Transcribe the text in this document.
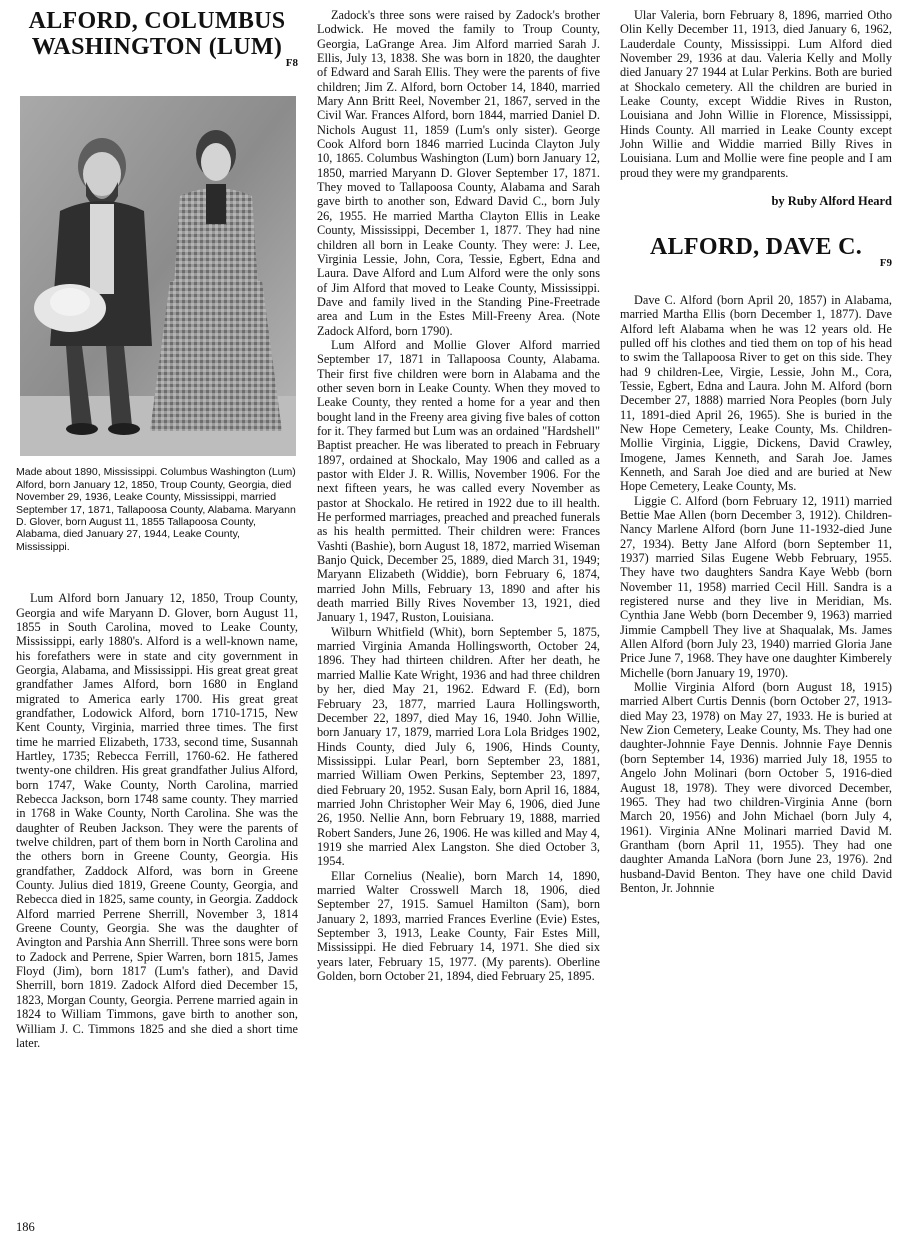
ALFORD, COLUMBUS
WASHINGTON (LUM)
F8

Made about 1890, Mississippi. Columbus Washington (Lum) Alford, born January 12, 1850, Troup County, Georgia, died November 29, 1936, Leake County, Mississippi, married September 17, 1871, Tallapoosa County, Alabama. Maryann D. Glover, born August 11, 1855 Tallapoosa County, Alabama, died January 27, 1944, Leake County, Mississippi.

Lum Alford born January 12, 1850, Troup County, Georgia and wife Maryann D. Glover, born August 11, 1855 in South Carolina, moved to Leake County, Mississippi, early 1880's. Alford is a well-known name, his forefathers were in state and city government in Georgia, Alabama, and Mississippi. His great great great grandfather James Alford, born 1680 in England migrated to America early 1700. His great great grandfather, Lodowick Alford, born 1710-1715, New Kent County, Virginia, married three times. The first time he married Elizabeth, 1733, second time, Susannah Hartley, 1735; Rebecca Ferrill, 1760-62. He fathered twenty-one children. His great grandfather Julius Alford, born 1747, Wake County, North Carolina, married Rebecca Jackson, born 1748 same county. They married in 1768 in Wake County, North Carolina. She was the daughter of Reuben Jackson. They were the parents of twelve children, part of them born in North Carolina and the others born in Greene County, Georgia. His grandfather, Zaddock Alford, was born in Greene County. Julius died 1819, Greene County, Georgia, and Rebecca died in 1825, same county, in Georgia. Zaddock Alford married Perrene Sherrill, November 3, 1814 Greene County, Georgia. She was the daughter of Avington and Parshia Ann Sherrill. Three sons were born to Zadock and Perrene, Spier Warren, born 1815, James Floyd (Jim), born 1817 (Lum's father), and David Sherrill, born 1819. Zadock Alford died December 15, 1823, Morgan County, Georgia. Perrene married again in 1824 to William Timmons, gave birth to another son, William J. C. Timmons 1825 and she died a short time later.

Zadock's three sons were raised by Zadock's brother Lodwick. He moved the family to Troup County, Georgia, LaGrange Area. Jim Alford married Sarah J. Ellis, July 13, 1838. She was born in 1820, the daughter of Edward and Sarah Ellis. They were the parents of five children; Jim Z. Alford, born October 14, 1840, married Mary Ann Britt Reel, November 21, 1867, served in the Civil War. Frances Alford, born 1844, married Daniel D. Nichols August 11, 1859 (Lum's only sister). George Cook Alford born 1846 married Lucinda Clayton July 10, 1865. Columbus Washington (Lum) born January 12, 1850, married Maryann D. Glover September 17, 1871. They moved to Tallapoosa County, Alabama and Sarah gave birth to another son, Edward David C., born July 26, 1955. He married Martha Clayton Ellis in Leake County, Mississippi, December 1, 1877. They had nine children all born in Leake County. They were: J. Lee, Virginia Lessie, John, Cora, Tessie, Egbert, Edna and Laura. Dave Alford and Lum Alford were the only sons of Jim Alford that moved to Leake County, Mississippi. Dave and family lived in the Standing Pine-Freetrade area and Lum in the Estes Mill-Freeny Area. (Note Zadock Alford, born 1790).

Lum Alford and Mollie Glover Alford married September 17, 1871 in Tallapoosa County, Alabama. Their first five children were born in Alabama and the other seven born in Leake County. When they moved to Leake County, they rented a home for a year and then bought land in the Freeny area giving five bales of cotton for it. They farmed but Lum was an ordained "Hardshell" Baptist preacher. He was liberated to preach in February 1897, ordained at Shockalo, May 1906 and called as a pastor with Elder J. R. Willis, November 1906. For the next fifteen years, he was called every November as pastor at Shockalo. He retired in 1922 due to ill health. He performed marriages, preached and preached funerals as his health permitted. Their children were: Frances Vashti (Bashie), born August 18, 1872, married Wiseman Banjo Quick, December 25, 1889, died March 31, 1949; Maryann Elizabeth (Widdie), born February 6, 1874, married John Mills, February 13, 1890 and after his death married Billy Rives November 13, 1921, died January 1, 1947, Ruston, Louisiana.

Wilburn Whitfield (Whit), born September 5, 1875, married Virginia Amanda Hollingsworth, October 24, 1896. They had thirteen children. After her death, he married Mallie Kate Wright, 1936 and had three children by her, died May 21, 1962. Edward F. (Ed), born February 23, 1877, married Laura Hollingsworth, December 22, 1897, died May 16, 1940. John Willie, born January 17, 1879, married Lora Lola Bridges 1902, Hinds County, died July 6, 1906, Hinds County, Mississippi. Lular Pearl, born September 23, 1881, married William Owen Perkins, September 23, 1897, died February 20, 1952. Susan Ealy, born April 16, 1884, married John Christopher Weir May 6, 1906, died June 26, 1950. Nellie Ann, born February 19, 1888, married Robert Sanders, June 26, 1906. He was killed and May 4, 1919 she married Alex Langston. She died October 3, 1954.

Ellar Cornelius (Nealie), born March 14, 1890, married Walter Crosswell March 18, 1906, died September 27, 1915. Samuel Hamilton (Sam), born January 2, 1893, married Frances Everline (Evie) Estes, September 3, 1913, Leake County, Fair Estes Mill, Mississippi. He died February 14, 1971. She died six years later, February 15, 1977. (My parents). Oberline Golden, born October 21, 1894, died February 25, 1895.

Ular Valeria, born February 8, 1896, married Otho Olin Kelly December 11, 1913, died January 6, 1962, Lauderdale County, Mississippi. Lum Alford died November 29, 1936 at dau. Valeria Kelly and Molly died January 27 1944 at Lular Perkins. Both are buried at Shockalo cemetery. All the children are buried in Leake County, except Widdie Rives in Ruston, Louisiana and John Willie in Florence, Mississippi, Hinds County. All married in Leake County except John Willie and Widdie married Billy Rives in Louisiana. Lum and Mollie were fine people and I am proud they were my grandparents.

by Ruby Alford Heard
ALFORD, DAVE C.
F9

Dave C. Alford (born April 20, 1857) in Alabama, married Martha Ellis (born December 1, 1877). Dave Alford left Alabama when he was 12 years old. He pulled off his clothes and tied them on top of his head to swim the Tallapoosa River to get on this side. They had 9 children-Lee, Virgie, Lessie, John M., Cora, Tessie, Egbert, Edna and Laura. John M. Alford (born December 27, 1888) married Nora Peoples (born July 11, 1891-died April 26, 1965). She is buried in the New Hope Cemetery, Leake County, Ms. Children-Mollie Virginia, Liggie, Dickens, David Crawley, Imogene, James Kenneth, and Sarah Joe. James Kenneth, and Sarah Joe died and are buried at New Hope Cemetery, Leake County, Ms.

Liggie C. Alford (born February 12, 1911) married Bettie Mae Allen (born December 3, 1912). Children-Nancy Marlene Alford (born June 11-1932-died June 27, 1934). Betty Jane Alford (born September 11, 1937) married Silas Eugene Webb February, 1955. They have two daughters Sandra Kaye Webb (born November 11, 1958) married Cecil Hill. Sandra is a registered nurse and they live in Meridian, Ms. Cynthia Jane Webb (born December 9, 1963) married Jimmie Campbell They live at Shaqualak, Ms. James Allen Alford (born July 23, 1940) married Gloria Jane Price June 7, 1968. They have one daughter Kimberely Michelle (born January 19, 1970).

Mollie Virginia Alford (born August 18, 1915) married Albert Curtis Dennis (born October 27, 1913-died May 23, 1978) on May 27, 1933. He is buried at New Zion Cemetery, Leake County, Ms. They had one daughter-Johnnie Faye Dennis. Johnnie Faye Dennis (born September 14, 1936) married July 18, 1955 to Angelo John Molinari (born October 5, 1916-died August 18, 1978). They were divorced December, 1965. They had two children-Virginia Anne (born March 20, 1956) and John Michael (born July 4, 1961). Virginia ANne Molinari married David M. Grantham (born April 11, 1955). They had one daughter Amanda LaNora (born June 23, 1976). 2nd husband-David Benton. They have one child David Benton, Jr. Johnnie

186
